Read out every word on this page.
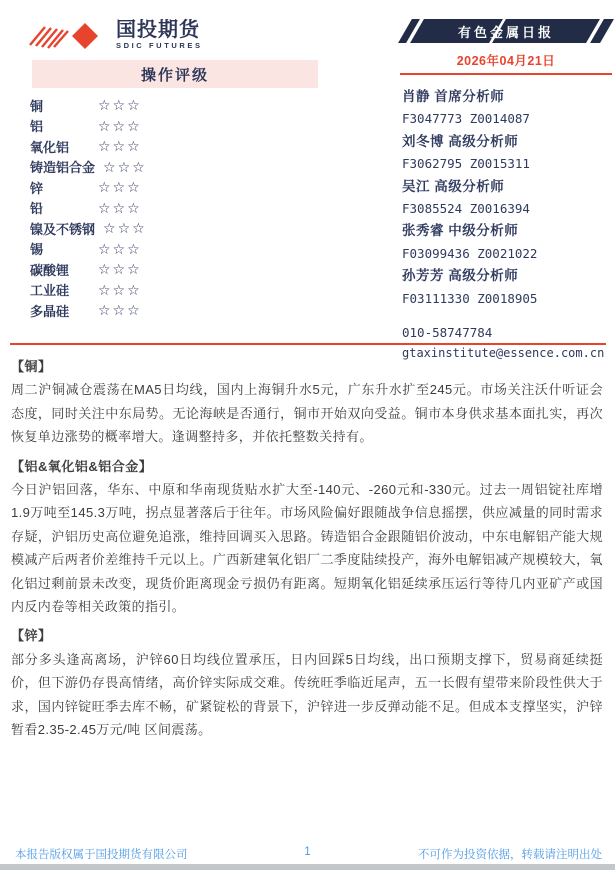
国投期货
SDIC FUTURES
有色金属日报
2026年04月21日
操作评级
铜	☆☆☆
铝	☆☆☆
氧化铝	☆☆☆
铸造铝合金 ☆☆☆
锌	☆☆☆
铅	☆☆☆
镍及不锈钢 ☆☆☆
锡	☆☆☆
碳酸锂	☆☆☆
工业硅	☆☆☆
多晶硅	☆☆☆
肖静 首席分析师
F3047773 Z0014087
刘冬博 高级分析师
F3062795 Z0015311
吴江 高级分析师
F3085524 Z0016394
张秀睿 中级分析师
F03099436 Z0021022
孙芳芳 高级分析师
F03111330 Z0018905
010-58747784
gtaxinstitute@essence.com.cn
【铜】
周二沪铜减仓震荡在MA5日均线，国内上海铜升水5元，广东升水扩至245元。市场关注沃什听证会态度，同时关注中东局势。无论海峡是否通行，铜市开始双向受益。铜市本身供求基本面扎实，再次恢复单边涨势的概率增大。逢调整持多，并依托整数关持有。
【铝&氧化铝&铝合金】
今日沪铝回落，华东、中原和华南现货贴水扩大至-140元、-260元和-330元。过去一周铝锭社库增1.9万吨至145.3万吨，拐点显著落后于往年。市场风险偏好跟随战争信息摇摆，供应减量的同时需求存疑，沪铝历史高位避免追涨，维持回调买入思路。铸造铝合金跟随铝价波动，中东电解铝产能大规模减产后两者价差维持千元以上。广西新建氧化铝厂二季度陆续投产，海外电解铝减产规模较大，氧化铝过剩前景未改变，现货价距离现金亏损仍有距离。短期氧化铝延续承压运行等待几内亚矿产或国内反内卷等相关政策的指引。
【锌】
部分多头逢高离场，沪锌60日均线位置承压，日内回踩5日均线，出口预期支撑下，贸易商延续挺价，但下游仍存畏高情绪，高价锌实际成交难。传统旺季临近尾声，五一长假有望带来阶段性供大于求，国内锌锭旺季去库不畅，矿紧锭松的背景下，沪锌进一步反弹动能不足。但成本支撑坚实，沪锌暂看2.35-2.45万元/吨 区间震荡。
本报告版权属于国投期货有限公司	1	不可作为投资依据，转载请注明出处
